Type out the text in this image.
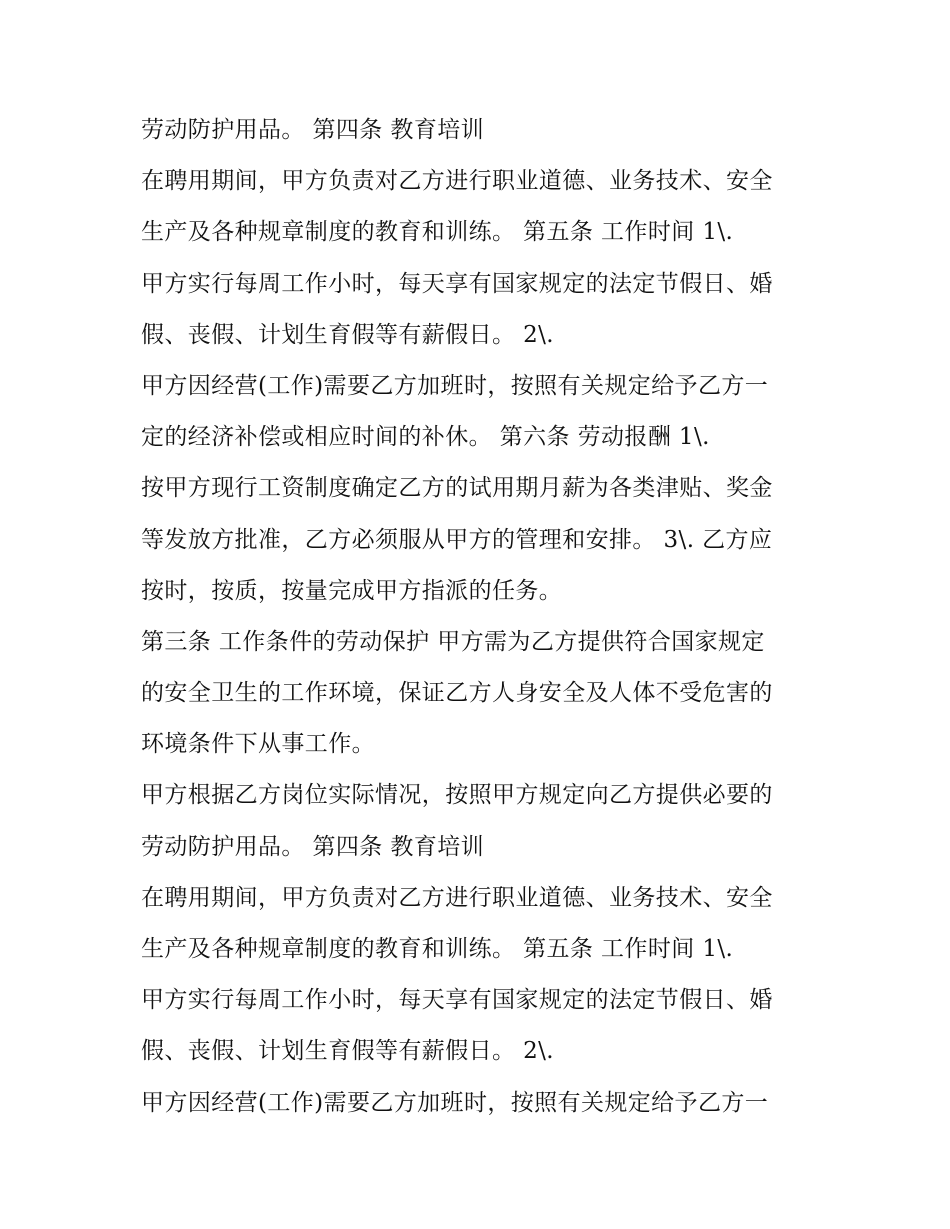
劳动防护用品。 第四条 教育培训
在聘用期间，甲方负责对乙方进行职业道德、业务技术、安全
生产及各种规章制度的教育和训练。 第五条 工作时间 1\.
甲方实行每周工作小时，每天享有国家规定的法定节假日、婚
假、丧假、计划生育假等有薪假日。 2\.
甲方因经营(工作)需要乙方加班时，按照有关规定给予乙方一
定的经济补偿或相应时间的补休。 第六条 劳动报酬 1\.
按甲方现行工资制度确定乙方的试用期月薪为各类津贴、奖金
等发放方批准，乙方必须服从甲方的管理和安排。 3\. 乙方应
按时，按质，按量完成甲方指派的任务。
第三条 工作条件的劳动保护 甲方需为乙方提供符合国家规定
的安全卫生的工作环境，保证乙方人身安全及人体不受危害的
环境条件下从事工作。
甲方根据乙方岗位实际情况，按照甲方规定向乙方提供必要的
劳动防护用品。 第四条 教育培训
在聘用期间，甲方负责对乙方进行职业道德、业务技术、安全
生产及各种规章制度的教育和训练。 第五条 工作时间 1\.
甲方实行每周工作小时，每天享有国家规定的法定节假日、婚
假、丧假、计划生育假等有薪假日。 2\.
甲方因经营(工作)需要乙方加班时，按照有关规定给予乙方一
